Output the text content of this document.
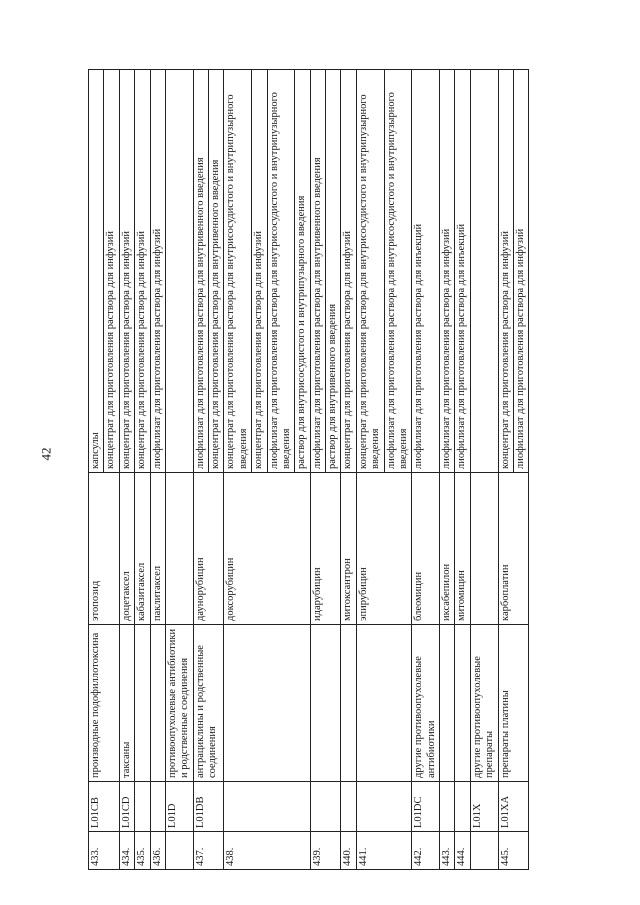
42
433.	L01CB	производные подофиллотоксина	этопозид	капсулы концентрат для приготовления раствора для инфузий

434.	L01CD	таксаны	доцетаксел	концентрат для приготовления раствора для инфузий

435.			кабазитаксел	концентрат для приготовления раствора для инфузий

436.			паклитаксел	лиофилизат для приготовления раствора для инфузий

	L01D	противоопухолевые антибиотики и родственные соединения		
437.	L01DB	антрациклины и родственные соединения	даунорубицин	лиофилизат для приготовления раствора для внутривенного введения концентрат для приготовления раствора для внутривенного введения

438.			доксорубицин	концентрат для приготовления раствора для внутрисосудистого и внутрипузырного введения концентрат для приготовления раствора для инфузий лиофилизат для приготовления раствора для внутрисосудистого и внутрипузырного введения раствор для внутрисосудистого и внутрипузырного введения

439.			идарубицин	лиофилизат для приготовления раствора для внутривенного введения раствор для внутривенного введения

440.			митоксантрон	концентрат для приготовления раствора для инфузий

441.			эпирубицин	концентрат для приготовления раствора для внутрисосудистого и внутрипузырного введения лиофилизат для приготовления раствора для внутрисосудистого и внутрипузырного введения

442.	L01DC	другие противоопухолевые антибиотики	блеомицин	лиофилизат для приготовления раствора для инъекций

443.			иксабепилон	лиофилизат для приготовления раствора для инфузий

444.			митомицин	лиофилизат для приготовления раствора для инъекций

	L01X	другие противоопухолевые препараты		
445.	L01XA	препараты платины	карбоплатин	концентрат для приготовления раствора для инфузий лиофилизат для приготовления раствора для инфузий
